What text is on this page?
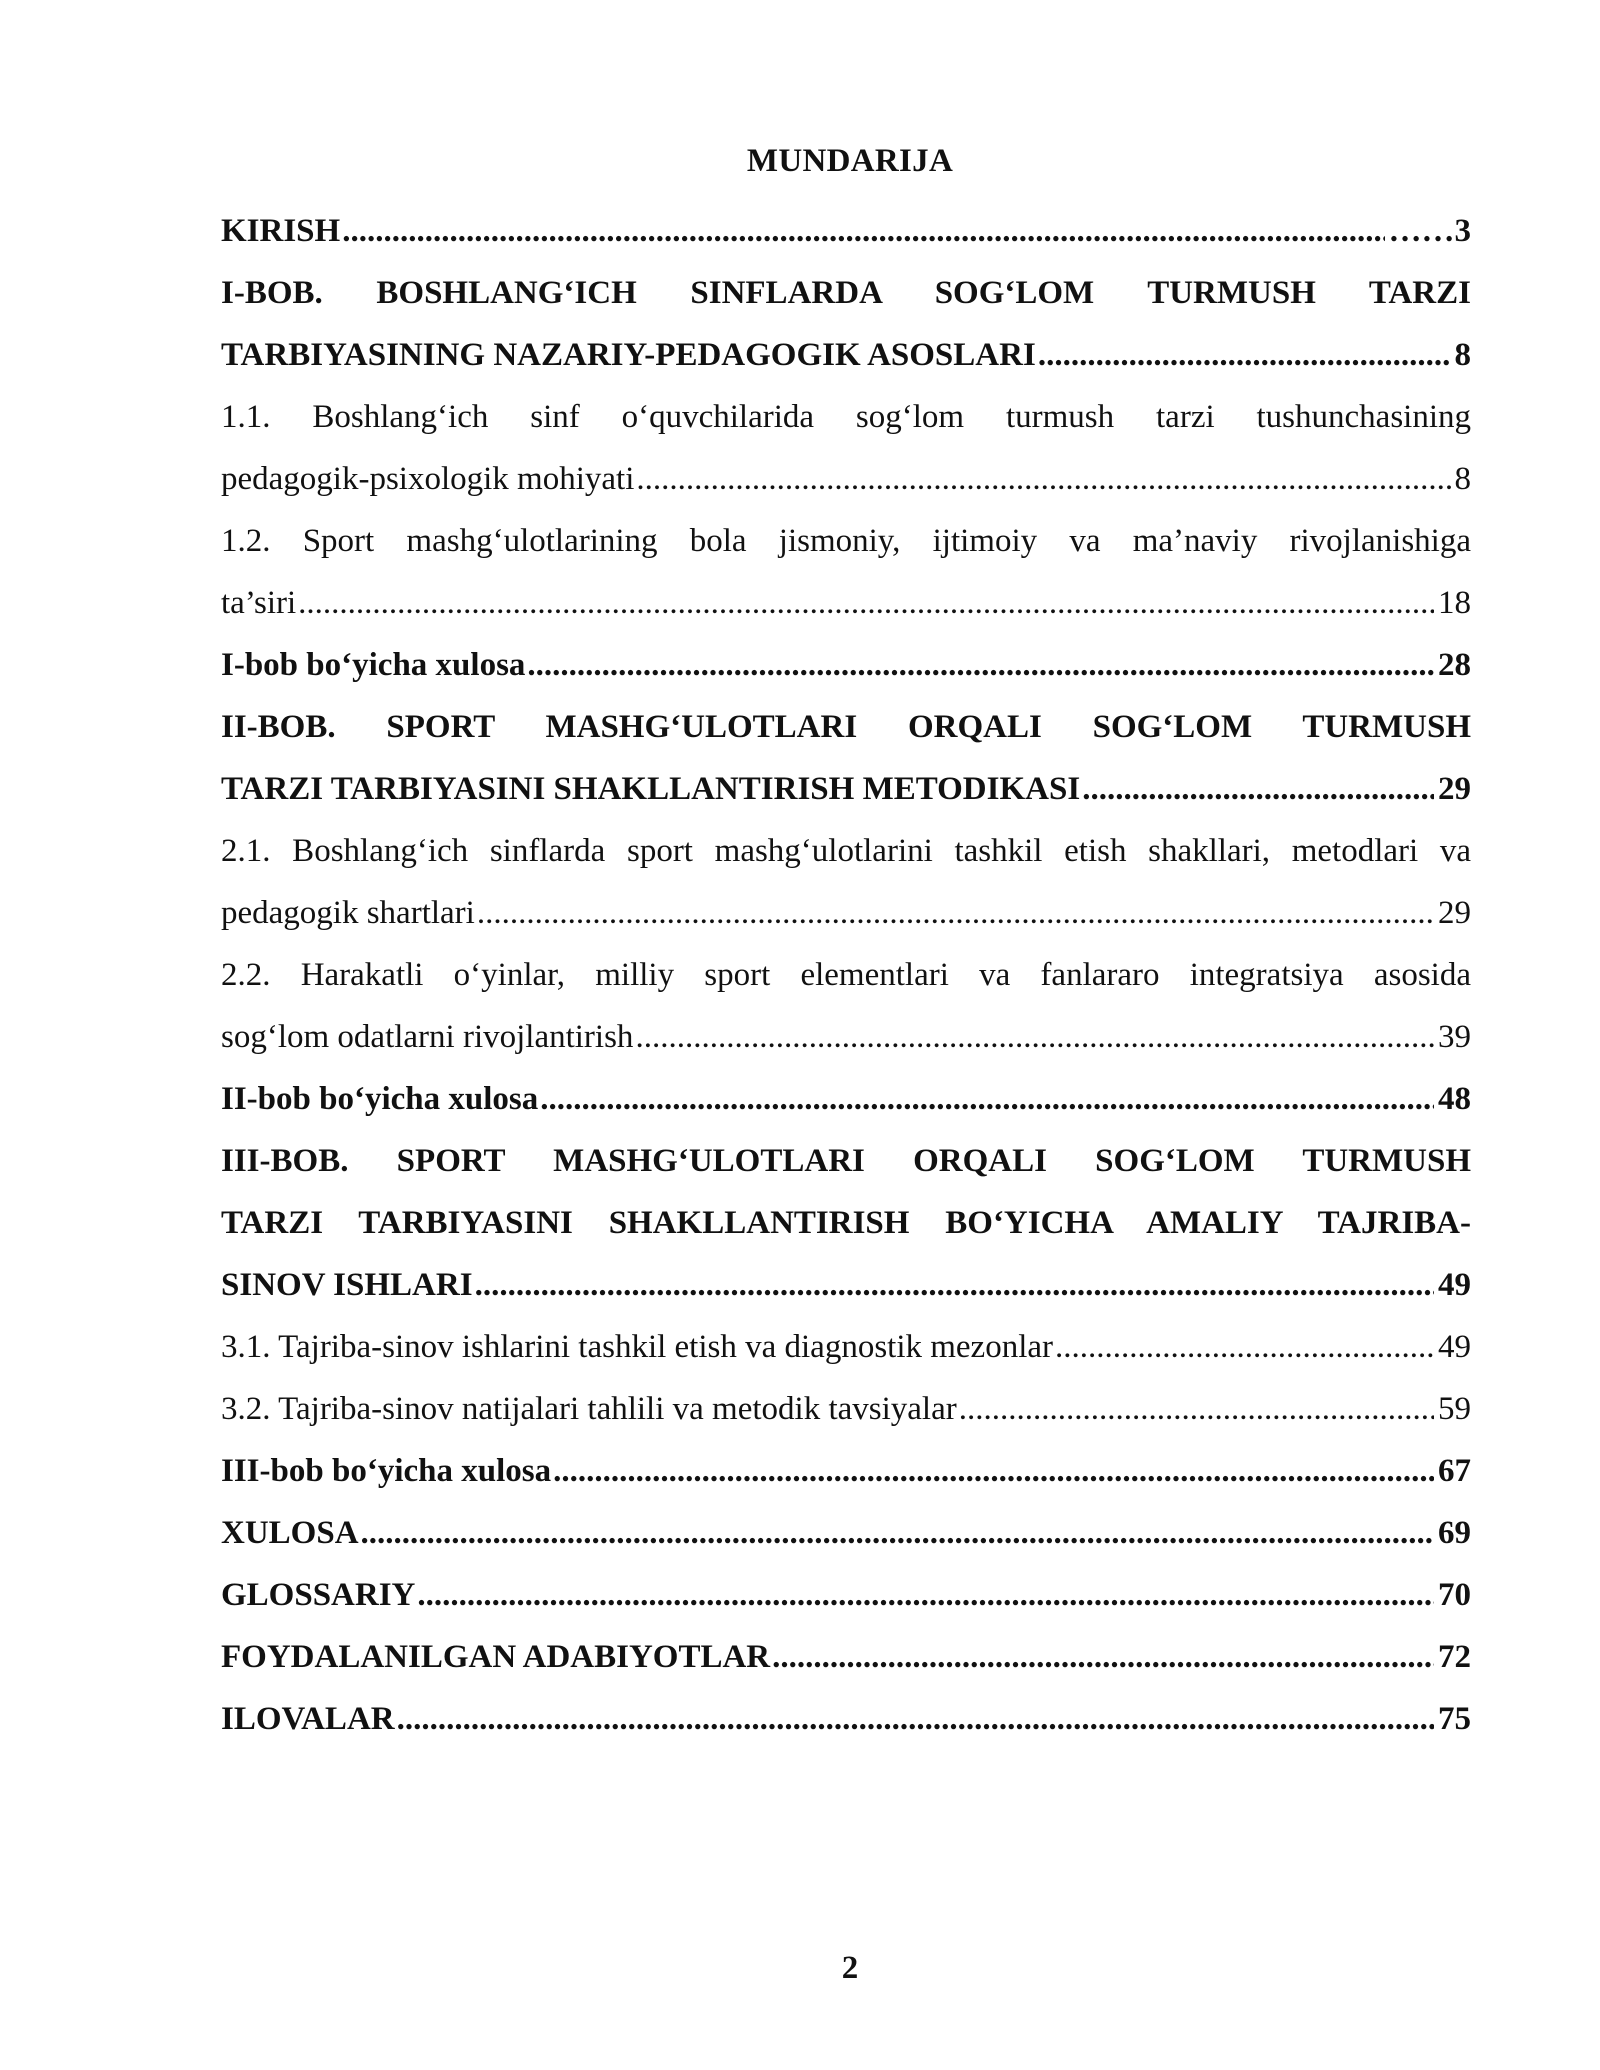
MUNDARIJA
KIRISH .....	……3
I-BOB. BOSHLANG‘ICH SINFLARDA SOG‘LOM TURMUSH TARZI
TARBIYASINING NAZARIY-PEDAGOGIK ASOSLARI .....	8
1.1. Boshlang‘ich sinf o‘quvchilarida sog‘lom turmush tarzi tushunchasining
pedagogik-psixologik mohiyati .....	8
1.2. Sport mashg‘ulotlarining bola jismoniy, ijtimoiy va ma’naviy rivojlanishiga
ta’siri .....	18
I-bob bo‘yicha xulosa .....	28
II-BOB. SPORT MASHG‘ULOTLARI ORQALI SOG‘LOM TURMUSH
TARZI TARBIYASINI SHAKLLANTIRISH METODIKASI .....	29
2.1. Boshlang‘ich sinflarda sport mashg‘ulotlarini tashkil etish shakllari, metodlari va
pedagogik shartlari .....	29
2.2. Harakatli o‘yinlar, milliy sport elementlari va fanlararo integratsiya asosida
sog‘lom odatlarni rivojlantirish .....	39
II-bob bo‘yicha xulosa .....	48
III-BOB. SPORT MASHG‘ULOTLARI ORQALI SOG‘LOM TURMUSH
TARZI TARBIYASINI SHAKLLANTIRISH BO‘YICHA AMALIY TAJRIBA-
SINOV ISHLARI .....	49
3.1. Tajriba-sinov ishlarini tashkil etish va diagnostik mezonlar .....	49
3.2. Tajriba-sinov natijalari tahlili va metodik tavsiyalar .....	59
III-bob bo‘yicha xulosa .....	67
XULOSA .....	69
GLOSSARIY .....	70
FOYDALANILGAN ADABIYOTLAR .....	72
ILOVALAR .....	75
2
